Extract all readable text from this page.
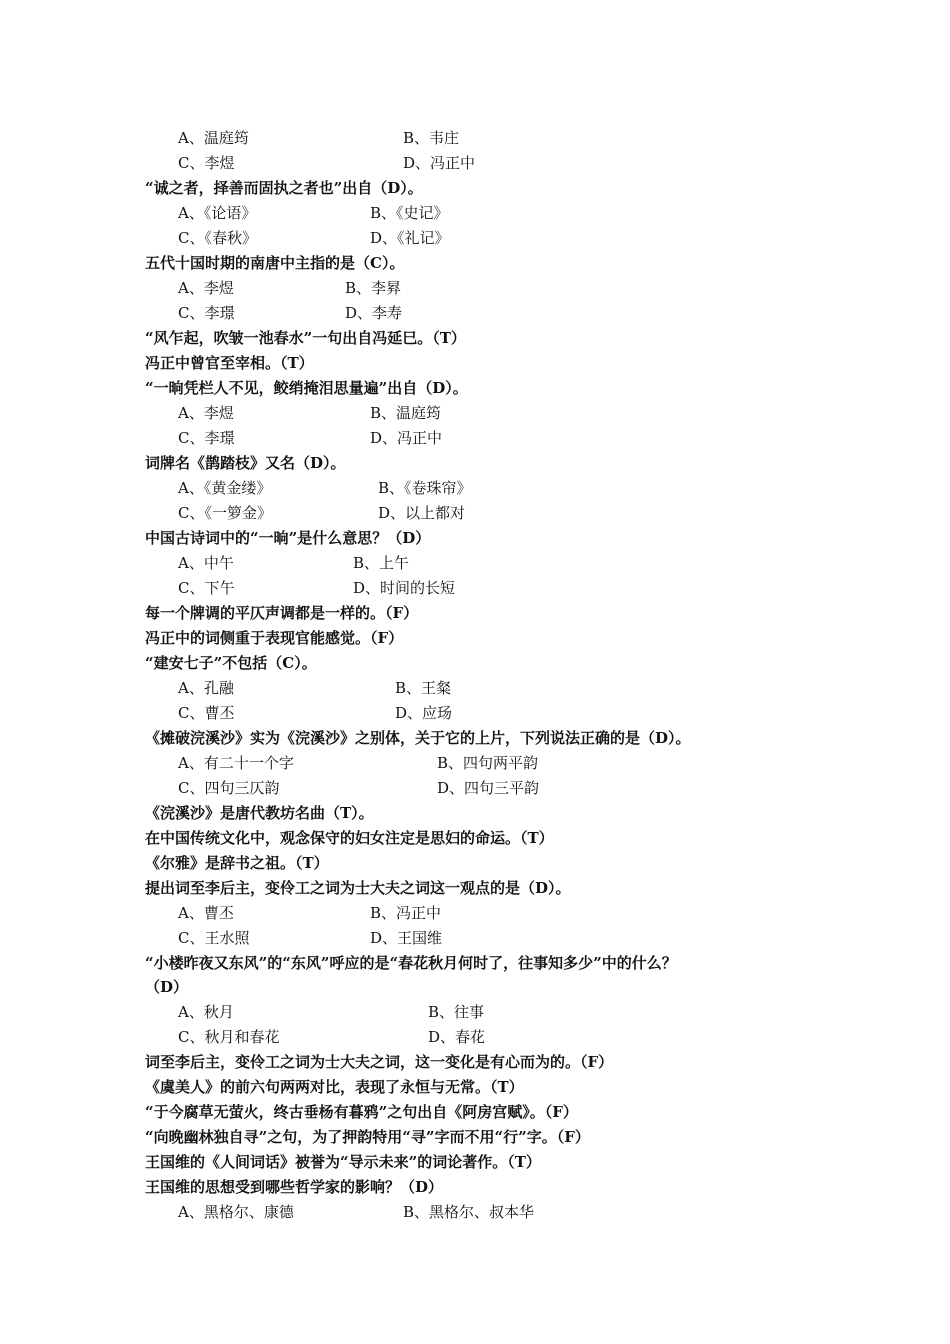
A、温庭筠	B、韦庄
C、李煜	D、冯正中
“诚之者，择善而固执之者也”出自（D）。
A、《论语》	B、《史记》
C、《春秋》	D、《礼记》
五代十国时期的南唐中主指的是（C）。
A、李煜	B、李昪
C、李璟	D、李寿
“风乍起，吹皱一池春水”一句出自冯延巳。（T）
冯正中曾官至宰相。（T）
“一晌凭栏人不见，鲛绡掩泪思量遍”出自（D）。
A、李煜	B、温庭筠
C、李璟	D、冯正中
词牌名《鹊踏枝》又名（D）。
A、《黄金缕》	B、《卷珠帘》
C、《一箩金》	D、以上都对
中国古诗词中的“一晌”是什么意思？（D）
A、中午	B、上午
C、下午	D、时间的长短
每一个牌调的平仄声调都是一样的。（F）
冯正中的词侧重于表现官能感觉。（F）
“建安七子”不包括（C）。
A、孔融	B、王粲
C、曹丕	D、应玚
《摊破浣溪沙》实为《浣溪沙》之别体，关于它的上片，下列说法正确的是（D）。
A、有二十一个字	B、四句两平韵
C、四句三仄韵	D、四句三平韵
《浣溪沙》是唐代教坊名曲（T）。
在中国传统文化中，观念保守的妇女注定是思妇的命运。（T）
《尔雅》是辞书之祖。（T）
提出词至李后主，变伶工之词为士大夫之词这一观点的是（D）。
A、曹丕	B、冯正中
C、王水照	D、王国维
“小楼昨夜又东风”的“东风”呼应的是“春花秋月何时了，往事知多少”中的什么？
（D）
A、秋月	B、往事
C、秋月和春花	D、春花
词至李后主，变伶工之词为士大夫之词，这一变化是有心而为的。（F）
《虞美人》的前六句两两对比，表现了永恒与无常。（T）
“于今腐草无萤火，终古垂杨有暮鸦”之句出自《阿房宫赋》。（F）
“向晚幽林独自寻”之句，为了押韵特用“寻”字而不用“行”字。（F）
王国维的《人间词话》被誉为“导示未来”的词论著作。（T）
王国维的思想受到哪些哲学家的影响？（D）
A、黑格尔、康德	B、黑格尔、叔本华
